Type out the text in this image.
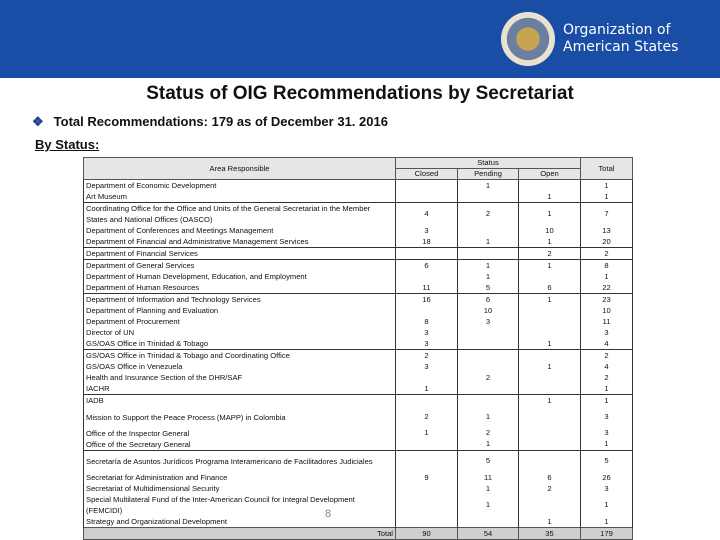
Organization of
American States
Status of OIG Recommendations by Secretariat
❖ Total Recommendations: 179 as of December 31. 2016
By Status:
Area Responsible	Status			Total
	Closed	Pending	Open	
Department of Economic Development		1		1
Art Museum			1	1
Coordinating Office for the Office and Units of the General Secretariat in the Member States and National Offices (OASCO)	4	2	1	7
Department of Conferences and Meetings Management	3		10	13
Department of Financial and Administrative Management Services	18	1	1	20
Department of Financial Services			2	2
Department of General Services	6	1	1	8
Department of Human Development, Education, and Employment		1		1
Department of Human Resources	11	5	6	22
Department of Information and Technology Services	16	6	1	23
Department of Planning and Evaluation		10		10
Department of Procurement	8	3		11
Director of UN	3			3
GS/OAS Office in Trinidad & Tobago	3		1	4
GS/OAS Office in Trinidad & Tobago and Coordinating Office	2			2
GS/OAS Office in Venezuela	3		1	4
Health and Insurance Section of the DHR/SAF		2		2
IACHR	1			1
IADB			1	1
Mission to Support the Peace Process (MAPP) in Colombia	2	1		3
Office of the Inspector General	1	2		3
Office of the Secretary General		1		1
Secretaría de Asuntos Jurídicos Programa Interamericano de Facilitadores Judiciales		5		5
Secretariat for Administration and Finance	9	11	6	26
Secretariat of Multidimensional Security		1	2	3
Special Multilateral Fund of the Inter-American Council for Integral Development (FEMCIDI)		1		1
Strategy and Organizational Development			1	1
Total	90	54	35	179
8
